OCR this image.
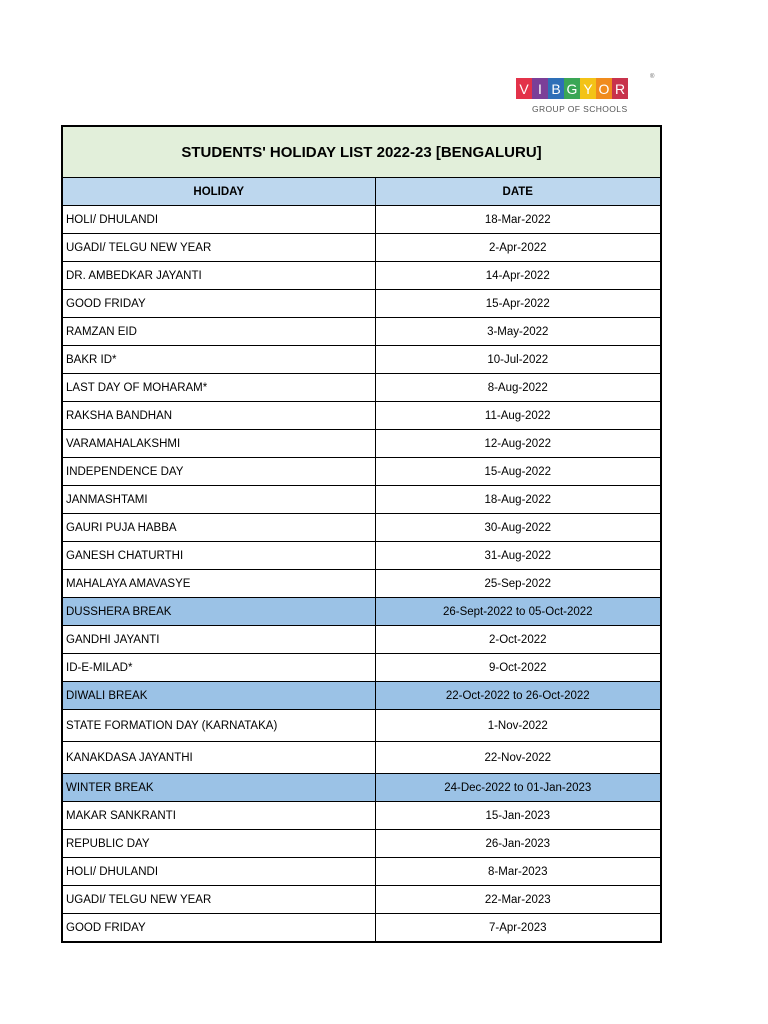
V I B G Y O R
®
GROUP OF SCHOOLS
STUDENTS' HOLIDAY LIST 2022-23 [BENGALURU]	
HOLIDAY	DATE
HOLI/ DHULANDI	18-Mar-2022
UGADI/ TELGU NEW YEAR	2-Apr-2022
DR. AMBEDKAR JAYANTI	14-Apr-2022
GOOD FRIDAY	15-Apr-2022
RAMZAN EID	3-May-2022
BAKR ID*	10-Jul-2022
LAST DAY OF MOHARAM*	8-Aug-2022
RAKSHA BANDHAN	11-Aug-2022
VARAMAHALAKSHMI	12-Aug-2022
INDEPENDENCE DAY	15-Aug-2022
JANMASHTAMI	18-Aug-2022
GAURI PUJA HABBA	30-Aug-2022
GANESH CHATURTHI	31-Aug-2022
MAHALAYA AMAVASYE	25-Sep-2022
DUSSHERA BREAK	26-Sept-2022 to 05-Oct-2022
GANDHI JAYANTI	2-Oct-2022
ID-E-MILAD*	9-Oct-2022
DIWALI BREAK	22-Oct-2022 to 26-Oct-2022
STATE FORMATION DAY (KARNATAKA)	1-Nov-2022
KANAKDASA JAYANTHI	22-Nov-2022
WINTER BREAK	24-Dec-2022 to 01-Jan-2023
MAKAR SANKRANTI	15-Jan-2023
REPUBLIC DAY	26-Jan-2023
HOLI/ DHULANDI	8-Mar-2023
UGADI/ TELGU NEW YEAR	22-Mar-2023
GOOD FRIDAY	7-Apr-2023
